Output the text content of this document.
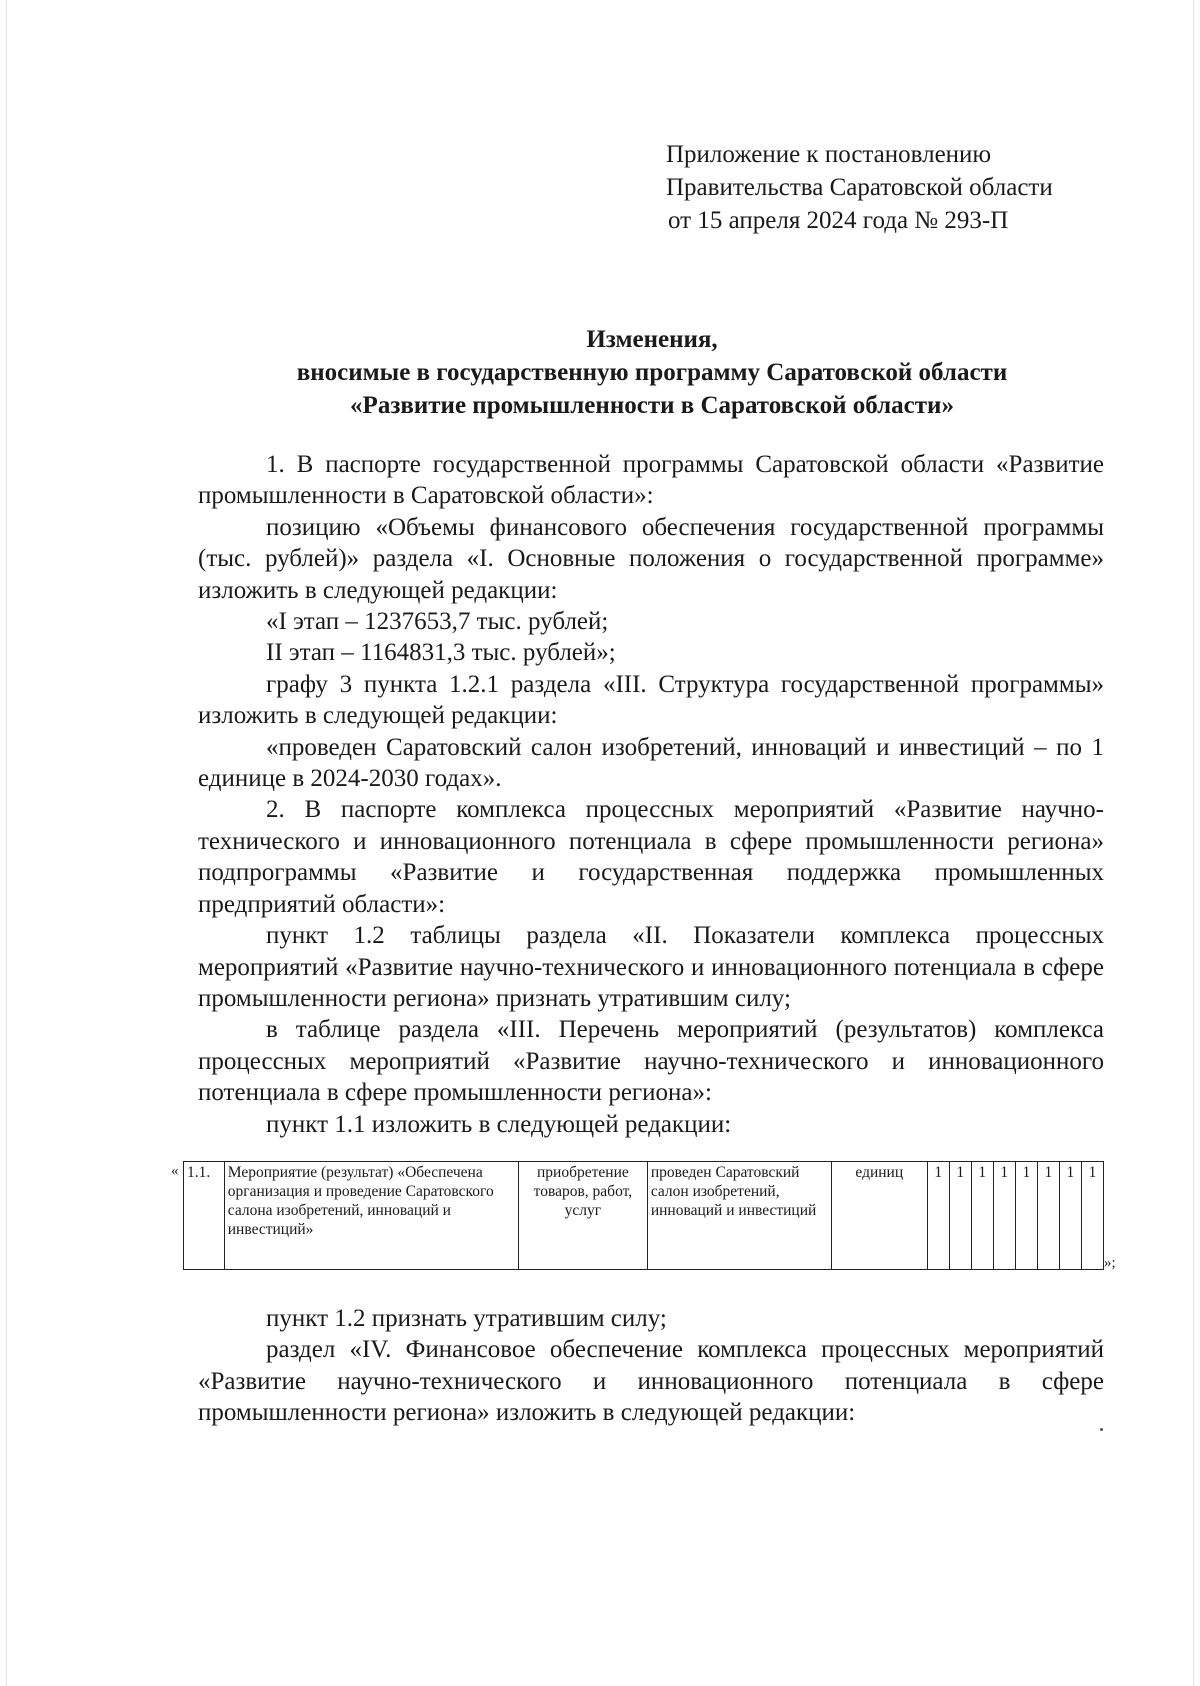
Приложение к постановлению
Правительства Саратовской области
от 15 апреля 2024 года № 293-П
Изменения,
вносимые в государственную программу Саратовской области
«Развитие промышленности в Саратовской области»

1. В паспорте государственной программы Саратовской области «Развитие промышленности в Саратовской области»:

позицию «Объемы финансового обеспечения государственной программы (тыс. рублей)» раздела «I. Основные положения о государственной программе» изложить в следующей редакции:

«I этап – 1237653,7 тыс. рублей;

II этап – 1164831,3 тыс. рублей»;

графу 3 пункта 1.2.1 раздела «III. Структура государственной программы» изложить в следующей редакции:

«проведен Саратовский салон изобретений, инноваций и инвестиций – по 1 единице в 2024-2030 годах».

2. В паспорте комплекса процессных мероприятий «Развитие научно-технического и инновационного потенциала в сфере промышленности региона» подпрограммы «Развитие и государственная поддержка промышленных предприятий области»:

пункт 1.2 таблицы раздела «II. Показатели комплекса процессных мероприятий «Развитие научно-технического и инновационного потенциала в сфере промышленности региона» признать утратившим силу;

в таблице раздела «III. Перечень мероприятий (результатов) комплекса процессных мероприятий «Развитие научно-технического и инновационного потенциала в сфере промышленности региона»:

пункт 1.1 изложить в следующей редакции:

« 1.1.	Мероприятие (результат) «Обеспечена организация и проведение Саратовского салона изобретений, инноваций и инвестиций»	приобретение товаров, работ, услуг	проведен Саратовский салон изобретений, инноваций и инвестиций	единиц	1	1	1	1	1	1	1	1
»;

пункт 1.2 признать утратившим силу;

раздел «IV. Финансовое обеспечение комплекса процессных мероприятий «Развитие научно-технического и инновационного потенциала в сфере промышленности региона» изложить в следующей редакции:
